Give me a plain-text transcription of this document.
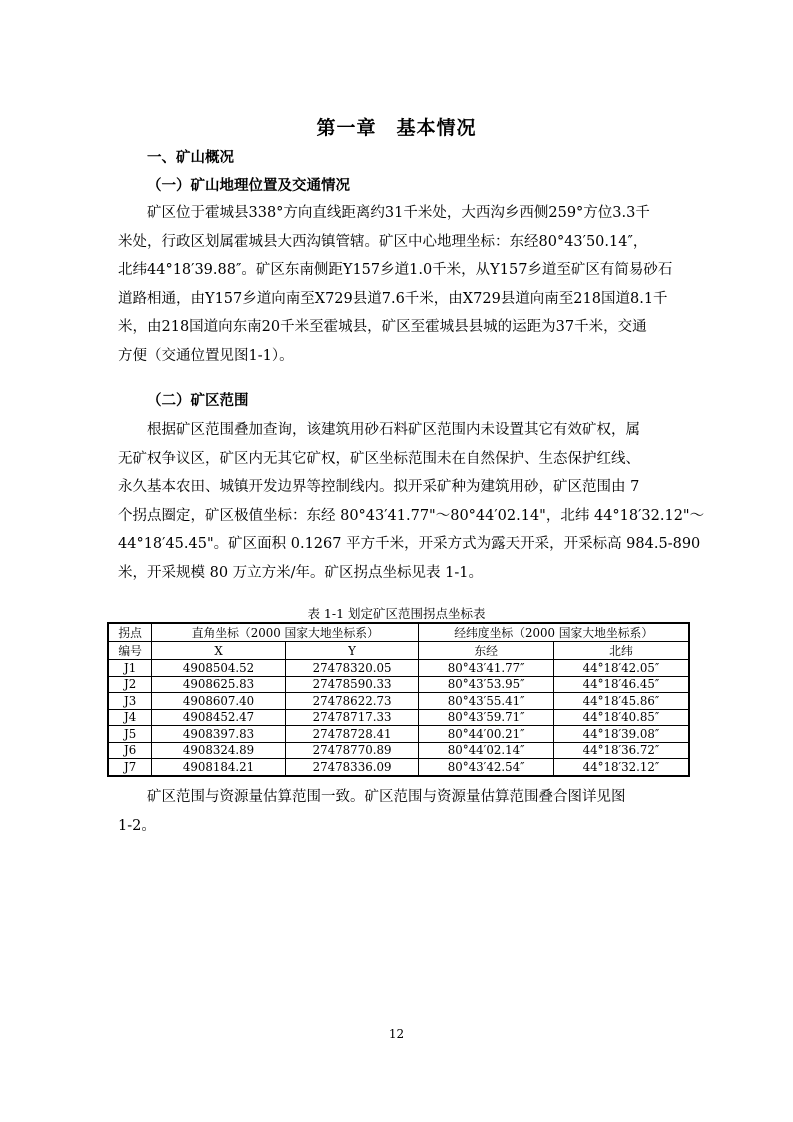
第一章　基本情况
一、矿山概况
（一）矿山地理位置及交通情况
　　矿区位于霍城县338°方向直线距离约31千米处，大西沟乡西侧259°方位3.3千
米处，行政区划属霍城县大西沟镇管辖。矿区中心地理坐标：东经80°43′50.14″，
北纬44°18′39.88″。矿区东南侧距Y157乡道1.0千米，从Y157乡道至矿区有简易砂石
道路相通，由Y157乡道向南至X729县道7.6千米，由X729县道向南至218国道8.1千
米，由218国道向东南20千米至霍城县，矿区至霍城县县城的运距为37千米，交通
方便（交通位置见图1-1）。
（二）矿区范围
　　根据矿区范围叠加查询，该建筑用砂石料矿区范围内未设置其它有效矿权，属
无矿权争议区，矿区内无其它矿权，矿区坐标范围未在自然保护、生态保护红线、
永久基本农田、城镇开发边界等控制线内。拟开采矿种为建筑用砂，矿区范围由 7
个拐点圈定，矿区极值坐标：东经 80°43′41.77"～80°44′02.14"，北纬 44°18′32.12"～
44°18′45.45"。矿区面积 0.1267 平方千米，开采方式为露天开采，开采标高 984.5-890
米，开采规模 80 万立方米/年。矿区拐点坐标见表 1-1。
表 1-1 划定矿区范围拐点坐标表
拐点	直角坐标（2000 国家大地坐标系）		经纬度坐标（2000 国家大地坐标系）	
编号	X	Y	东经	北纬
J1	4908504.52	27478320.05	80°43′41.77″	44°18′42.05″
J2	4908625.83	27478590.33	80°43′53.95″	44°18′46.45″
J3	4908607.40	27478622.73	80°43′55.41″	44°18′45.86″
J4	4908452.47	27478717.33	80°43′59.71″	44°18′40.85″
J5	4908397.83	27478728.41	80°44′00.21″	44°18′39.08″
J6	4908324.89	27478770.89	80°44′02.14″	44°18′36.72″
J7	4908184.21	27478336.09	80°43′42.54″	44°18′32.12″
　　矿区范围与资源量估算范围一致。矿区范围与资源量估算范围叠合图详见图
1-2。
12
